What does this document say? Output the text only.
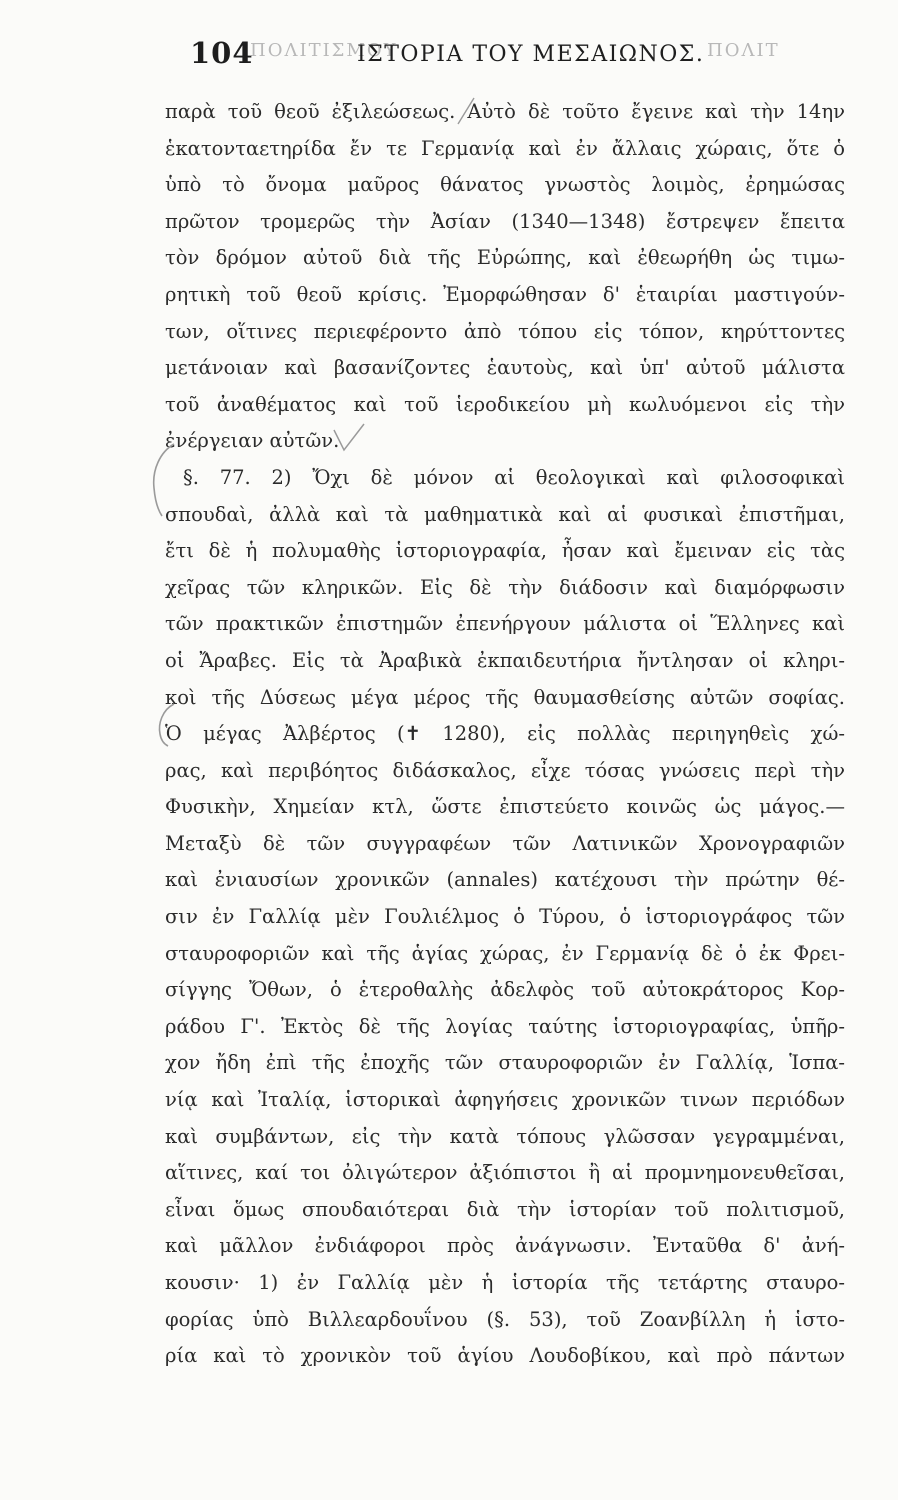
ΠΟΛΙΤΙΣΜΟΥ	ΠΟΛΙΤ
104	ΙΣΤΟΡΙΑ ΤΟΥ ΜΕΣΑΙΩΝΟΣ.
παρὰ τοῦ θεοῦ ἐξιλεώσεως. Αὐτὸ δὲ τοῦτο ἔγεινε καὶ τὴν 14ην
ἑκατονταετηρίδα ἔν τε Γερμανίᾳ καὶ ἐν ἄλλαις χώραις, ὅτε ὁ
ὑπὸ τὸ ὄνομα μαῦρος θάνατος γνωστὸς λοιμὸς, ἐρημώσας
πρῶτον τρομερῶς τὴν Ἀσίαν (1340—1348) ἔστρεψεν ἔπειτα
τὸν δρόμον αὐτοῦ διὰ τῆς Εὐρώπης, καὶ ἐθεωρήθη ὡς τιμω-
ρητικὴ τοῦ θεοῦ κρίσις. Ἐμορφώθησαν δ' ἑταιρίαι μαστιγούν-
των, οἵτινες περιεφέροντο ἀπὸ τόπου εἰς τόπον, κηρύττοντες
μετάνοιαν καὶ βασανίζοντες ἑαυτοὺς, καὶ ὑπ' αὐτοῦ μάλιστα
τοῦ ἀναθέματος καὶ τοῦ ἱεροδικείου μὴ κωλυόμενοι εἰς τὴν
ἐνέργειαν αὐτῶν.
§. 77. 2) Ὄχι δὲ μόνον αἱ θεολογικαὶ καὶ φιλοσοφικαὶ
σπουδαὶ, ἀλλὰ καὶ τὰ μαθηματικὰ καὶ αἱ φυσικαὶ ἐπιστῆμαι,
ἔτι δὲ ἡ πολυμαθὴς ἱστοριογραφία, ἦσαν καὶ ἔμειναν εἰς τὰς
χεῖρας τῶν κληρικῶν. Εἰς δὲ τὴν διάδοσιν καὶ διαμόρφωσιν
τῶν πρακτικῶν ἐπιστημῶν ἐπενήργουν μάλιστα οἱ Ἕλληνες καὶ
οἱ Ἄραβες. Εἰς τὰ Ἀραβικὰ ἐκπαιδευτήρια ἤντλησαν οἱ κληρι-
κοὶ τῆς Δύσεως μέγα μέρος τῆς θαυμασθείσης αὐτῶν σοφίας.
Ὁ μέγας Ἀλβέρτος (✝ 1280), εἰς πολλὰς περιηγηθεὶς χώ-
ρας, καὶ περιβόητος διδάσκαλος, εἶχε τόσας γνώσεις περὶ τὴν
Φυσικὴν, Χημείαν κτλ, ὥστε ἐπιστεύετο κοινῶς ὡς μάγος.—
Μεταξὺ δὲ τῶν συγγραφέων τῶν Λατινικῶν Χρονογραφιῶν
καὶ ἐνιαυσίων χρονικῶν (annales) κατέχουσι τὴν πρώτην θέ-
σιν ἐν Γαλλίᾳ μὲν Γουλιέλμος ὁ Τύρου, ὁ ἱστοριογράφος τῶν
σταυροφοριῶν καὶ τῆς ἁγίας χώρας, ἐν Γερμανίᾳ δὲ ὁ ἐκ Φρει-
σίγγης Ὄθων, ὁ ἑτεροθαλὴς ἀδελφὸς τοῦ αὐτοκράτορος Κορ-
ράδου Γ'. Ἐκτὸς δὲ τῆς λογίας ταύτης ἱστοριογραφίας, ὑπῆρ-
χον ἤδη ἐπὶ τῆς ἐποχῆς τῶν σταυροφοριῶν ἐν Γαλλίᾳ, Ἱσπα-
νίᾳ καὶ Ἰταλίᾳ, ἱστορικαὶ ἀφηγήσεις χρονικῶν τινων περιόδων
καὶ συμβάντων, εἰς τὴν κατὰ τόπους γλῶσσαν γεγραμμέναι,
αἵτινες, καί τοι ὀλιγώτερον ἀξιόπιστοι ἢ αἱ προμνημονευθεῖσαι,
εἶναι ὅμως σπουδαιότεραι διὰ τὴν ἱστορίαν τοῦ πολιτισμοῦ,
καὶ μᾶλλον ἐνδιάφοροι πρὸς ἀνάγνωσιν. Ἐνταῦθα δ' ἀνή-
κουσιν· 1) ἐν Γαλλίᾳ μὲν ἡ ἱστορία τῆς τετάρτης σταυρο-
φορίας ὑπὸ Βιλλεαρδουΐνου (§. 53), τοῦ Ζοανβίλλη ἡ ἱστο-
ρία καὶ τὸ χρονικὸν τοῦ ἁγίου Λουδοβίκου, καὶ πρὸ πάντων
